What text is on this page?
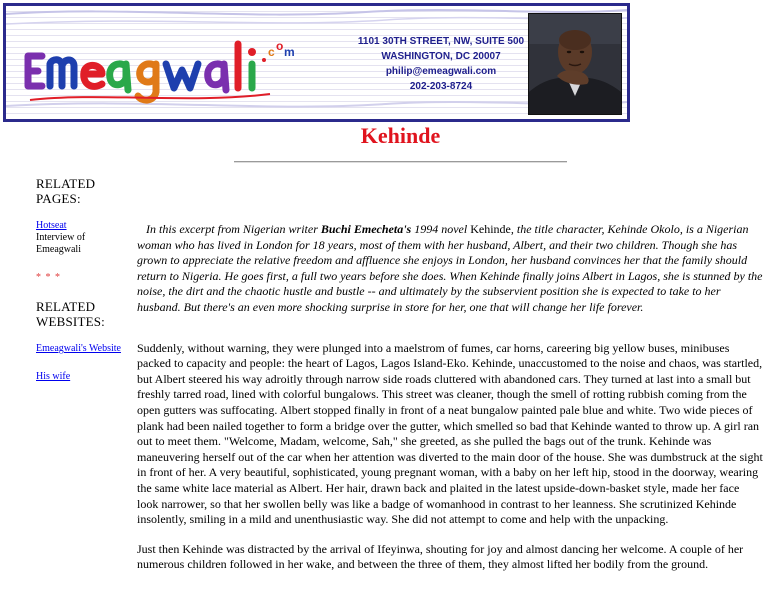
c o m
1101 30TH STREET, NW, SUITE 500
WASHINGTON, DC 20007
philip@emeagwali.com
202-203-8724
Kehinde
RELATED PAGES:
Hotseat
Interview of Emeagwali
* * *
RELATED WEBSITES:
Emeagwali's Website
His wife

In this excerpt from Nigerian writer Buchi Emecheta's 1994 novel Kehinde, the title character, Kehinde Okolo, is a Nigerian woman who has lived in London for 18 years, most of them with her husband, Albert, and their two children. Though she has grown to appreciate the relative freedom and affluence she enjoys in London, her husband convinces her that the family should return to Nigeria. He goes first, a full two years before she does. When Kehinde finally joins Albert in Lagos, she is stunned by the noise, the dirt and the chaotic hustle and bustle -- and ultimately by the subservient position she is expected to take to her husband. But there's an even more shocking surprise in store for her, one that will change her life forever.

Suddenly, without warning, they were plunged into a maelstrom of fumes, car horns, careering big yellow buses, minibuses packed to capacity and people: the heart of Lagos, Lagos Island-Eko. Kehinde, unaccustomed to the noise and chaos, was startled, but Albert steered his way adroitly through narrow side roads cluttered with abandoned cars. They turned at last into a small but freshly tarred road, lined with colorful bungalows. This street was cleaner, though the smell of rotting rubbish coming from the open gutters was suffocating. Albert stopped finally in front of a neat bungalow painted pale blue and white. Two wide pieces of plank had been nailed together to form a bridge over the gutter, which smelled so bad that Kehinde wanted to throw up. A girl ran out to meet them. "Welcome, Madam, welcome, Sah," she greeted, as she pulled the bags out of the trunk. Kehinde was maneuvering herself out of the car when her attention was diverted to the main door of the house. She was dumbstruck at the sight in front of her. A very beautiful, sophisticated, young pregnant woman, with a baby on her left hip, stood in the doorway, wearing the same white lace material as Albert. Her hair, drawn back and plaited in the latest upside-down-basket style, made her face look narrower, so that her swollen belly was like a badge of womanhood in contrast to her leanness. She scrutinized Kehinde insolently, smiling in a mild and unenthusiastic way. She did not attempt to come and help with the unpacking.

Just then Kehinde was distracted by the arrival of Ifeyinwa, shouting for joy and almost dancing her welcome. A couple of her numerous children followed in her wake, and between the three of them, they almost lifted her bodily from the ground.
